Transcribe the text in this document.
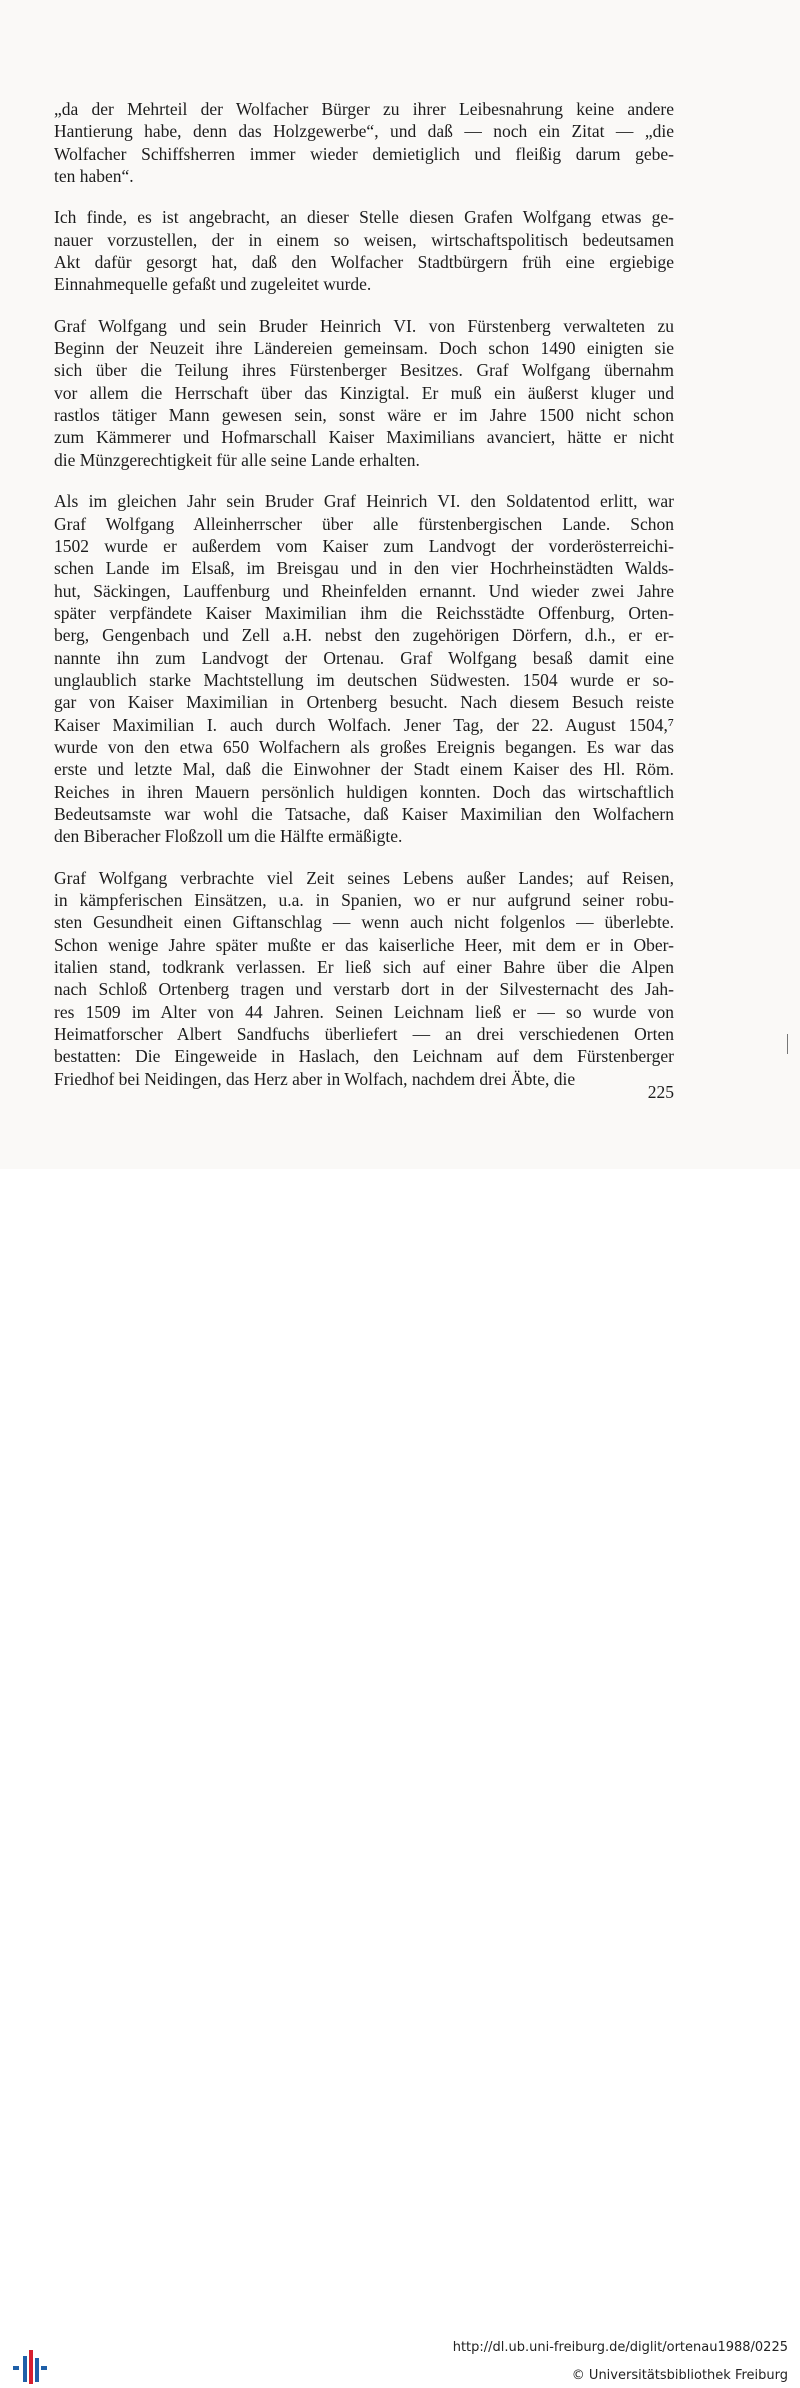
„da der Mehrteil der Wolfacher Bürger zu ihrer Leibesnahrung keine andere
Hantierung habe, denn das Holzgewerbe“, und daß — noch ein Zitat — „die
Wolfacher Schiffsherren immer wieder demietiglich und fleißig darum gebe-
ten haben“.
Ich finde, es ist angebracht, an dieser Stelle diesen Grafen Wolfgang etwas ge-
nauer vorzustellen, der in einem so weisen, wirtschaftspolitisch bedeutsamen
Akt dafür gesorgt hat, daß den Wolfacher Stadtbürgern früh eine ergiebige
Einnahmequelle gefaßt und zugeleitet wurde.
Graf Wolfgang und sein Bruder Heinrich VI. von Fürstenberg verwalteten zu
Beginn der Neuzeit ihre Ländereien gemeinsam. Doch schon 1490 einigten sie
sich über die Teilung ihres Fürstenberger Besitzes. Graf Wolfgang übernahm
vor allem die Herrschaft über das Kinzigtal. Er muß ein äußerst kluger und
rastlos tätiger Mann gewesen sein, sonst wäre er im Jahre 1500 nicht schon
zum Kämmerer und Hofmarschall Kaiser Maximilians avanciert, hätte er nicht
die Münzgerechtigkeit für alle seine Lande erhalten.
Als im gleichen Jahr sein Bruder Graf Heinrich VI. den Soldatentod erlitt, war
Graf Wolfgang Alleinherrscher über alle fürstenbergischen Lande. Schon
1502 wurde er außerdem vom Kaiser zum Landvogt der vorderösterreichi-
schen Lande im Elsaß, im Breisgau und in den vier Hochrheinstädten Walds-
hut, Säckingen, Lauffenburg und Rheinfelden ernannt. Und wieder zwei Jahre
später verpfändete Kaiser Maximilian ihm die Reichsstädte Offenburg, Orten-
berg, Gengenbach und Zell a.H. nebst den zugehörigen Dörfern, d.h., er er-
nannte ihn zum Landvogt der Ortenau. Graf Wolfgang besaß damit eine
unglaublich starke Machtstellung im deutschen Südwesten. 1504 wurde er so-
gar von Kaiser Maximilian in Ortenberg besucht. Nach diesem Besuch reiste
Kaiser Maximilian I. auch durch Wolfach. Jener Tag, der 22. August 1504,⁷
wurde von den etwa 650 Wolfachern als großes Ereignis begangen. Es war das
erste und letzte Mal, daß die Einwohner der Stadt einem Kaiser des Hl. Röm.
Reiches in ihren Mauern persönlich huldigen konnten. Doch das wirtschaftlich
Bedeutsamste war wohl die Tatsache, daß Kaiser Maximilian den Wolfachern
den Biberacher Floßzoll um die Hälfte ermäßigte.
Graf Wolfgang verbrachte viel Zeit seines Lebens außer Landes; auf Reisen,
in kämpferischen Einsätzen, u.a. in Spanien, wo er nur aufgrund seiner robu-
sten Gesundheit einen Giftanschlag — wenn auch nicht folgenlos — überlebte.
Schon wenige Jahre später mußte er das kaiserliche Heer, mit dem er in Ober-
italien stand, todkrank verlassen. Er ließ sich auf einer Bahre über die Alpen
nach Schloß Ortenberg tragen und verstarb dort in der Silvesternacht des Jah-
res 1509 im Alter von 44 Jahren. Seinen Leichnam ließ er — so wurde von
Heimatforscher Albert Sandfuchs überliefert — an drei verschiedenen Orten
bestatten: Die Eingeweide in Haslach, den Leichnam auf dem Fürstenberger
Friedhof bei Neidingen, das Herz aber in Wolfach, nachdem drei Äbte, die
225
http://dl.ub.uni-freiburg.de/diglit/ortenau1988/0225
© Universitätsbibliothek Freiburg
